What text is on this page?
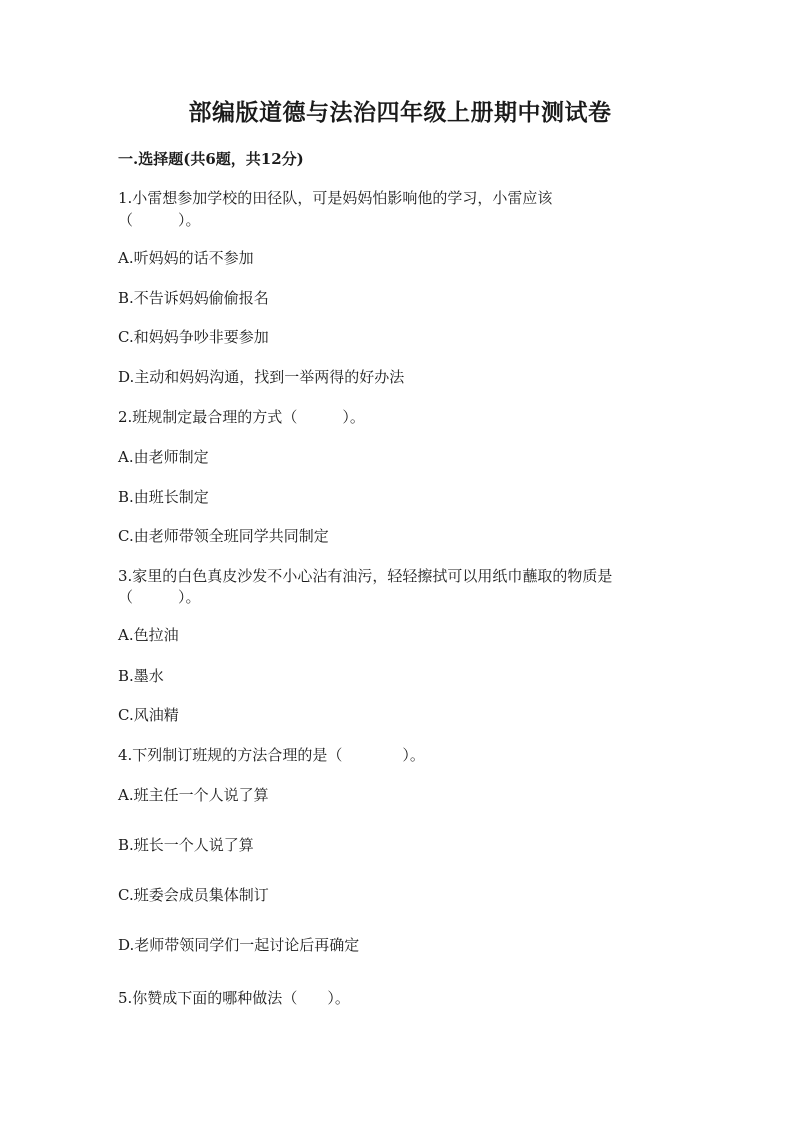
部编版道德与法治四年级上册期中测试卷
一.选择题(共6题，共12分)
1.小雷想参加学校的田径队，可是妈妈怕影响他的学习，小雷应该
（　　　）。
A.听妈妈的话不参加
B.不告诉妈妈偷偷报名
C.和妈妈争吵非要参加
D.主动和妈妈沟通，找到一举两得的好办法
2.班规制定最合理的方式（　　　）。
A.由老师制定
B.由班长制定
C.由老师带领全班同学共同制定
3.家里的白色真皮沙发不小心沾有油污，轻轻擦拭可以用纸巾蘸取的物质是
（　　　）。
A.色拉油
B.墨水
C.风油精
4.下列制订班规的方法合理的是（　　　　）。
A.班主任一个人说了算
B.班长一个人说了算
C.班委会成员集体制订
D.老师带领同学们一起讨论后再确定
5.你赞成下面的哪种做法（　　）。
